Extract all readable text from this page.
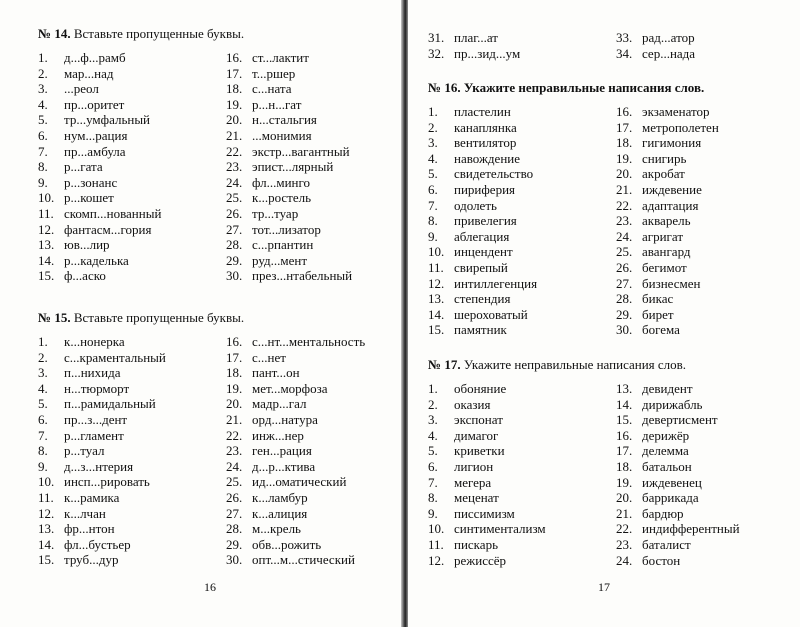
№ 14. Вставьте пропущенные буквы.
1.	д...ф...рамб
2.	мар...над
3.	...реол
4.	пр...оритет
5.	тр...умфальный
6.	нум...рация
7.	пр...амбула
8.	р...гата
9.	р...зонанс
10. р...кошет
11. скомп...нованный
12. фантасм...гория
13. юв...лир
14. р...каделька
15. ф...аско
16. ст...лактит
17. т...ршер
18. с...ната
19. р...н...гат
20. н...стальгия
21. ...монимия
22. экстр...вагантный
23. эпист...лярный
24. фл...минго
25. к...ростель
26. тр...туар
27. тот...лизатор
28. с...рпантин
29. руд...мент
30. през...нтабельный
№ 15. Вставьте пропущенные буквы.
1.	к...нонерка
2.	с...крaментальный
3.	п...нихида
4.	н...тюрморт
5.	п...рамидальный
6.	пр...з...дент
7.	р...гламент
8.	р...туал
9.	д...з...нтерия
10. инсп...рировать
11. к...рамика
12. к...лчан
13. фр...нтон
14. фл...бустьер
15. труб...дур
16. с...нт...ментальность
17. с...нет
18. пант...он
19. мет...морфоза
20. мадр...гал
21. орд...натура
22. инж...нер
23. ген...рация
24. д...р...ктива
25. ид...оматический
26. к...ламбур
27. к...алиция
28. м...крель
29. обв...рожить
30. опт...м...стический
16
31. плаг...ат
32. пр...зид...ум
33. рад...атор
34. сер...нада
№ 16. Укажите неправильные написания слов.
1.	пластелин
2.	канаплянка
3.	вентилятор
4.	навождение
5.	свидетельство
6.	пириферия
7.	одолеть
8.	привелегия
9.	аблегация
10. инцендент
11. свирепый
12. интиллегенция
13. степендия
14. шероховатый
15. памятник
16. экзаменатор
17. метрополетен
18. гигимония
19. снигирь
20. акробат
21. иждевение
22. адаптация
23. акварель
24. агригат
25. авангард
26. бегимот
27. бизнесмен
28. бикас
29. бирет
30. богема
№ 17. Укажите неправильные написания слов.
1.	обоняние
2.	оказия
3.	экспонат
4.	димагог
5.	криветки
6.	лигион
7.	мегера
8.	меценат
9.	писсимизм
10. синтиментализм
11. пискарь
12. режиссёр
13. девидент
14. дирижабль
15. девертисмент
16. дерижёр
17. делемма
18. батальон
19. иждевенец
20. баррикада
21. бардюр
22. индифферентный
23. баталист
24. бостон
17
